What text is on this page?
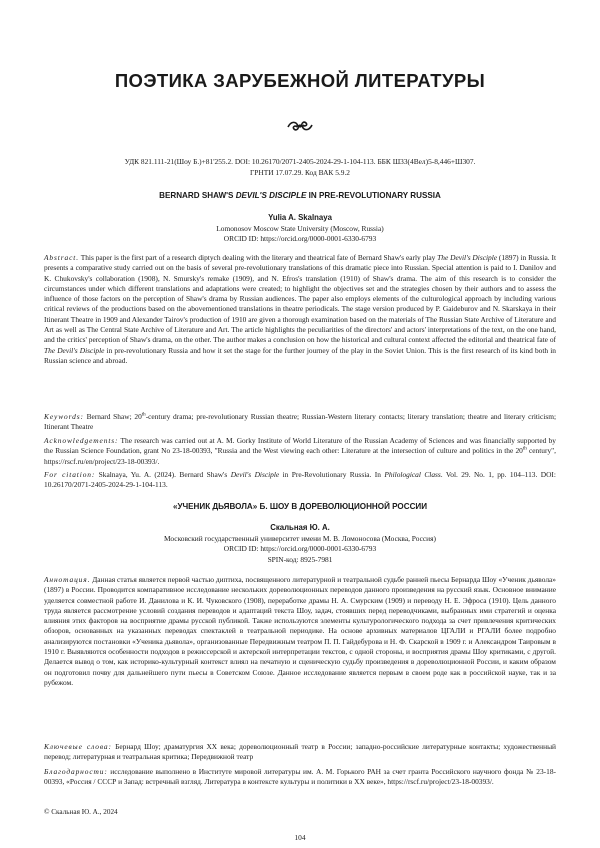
ПОЭТИКА ЗАРУБЕЖНОЙ ЛИТЕРАТУРЫ
УДК 821.111-21(Шоу Б.)+81'255.2. DOI: 10.26170/2071-2405-2024-29-1-104-113. ББК Ш33(4Вел)5-8,446+Ш307.
ГРНТИ 17.07.29. Код ВАК 5.9.2
BERNARD SHAW'S DEVIL'S DISCIPLE IN PRE-REVOLUTIONARY RUSSIA
Yulia A. Skalnaya
Lomonosov Moscow State University (Moscow, Russia)
ORCID ID: https://orcid.org/0000-0001-6330-6793
Abstract. This paper is the first part of a research diptych dealing with the literary and theatrical fate of Bernard Shaw's early play The Devil's Disciple (1897) in Russia. It presents a comparative study carried out on the basis of several pre-revolutionary translations of this dramatic piece into Russian. Special attention is paid to I. Danilov and K. Chukovsky's collaboration (1908), N. Smursky's remake (1909), and N. Efros's translation (1910) of Shaw's drama. The aim of this research is to consider the circumstances under which different translations and adaptations were created; to highlight the objectives set and the strategies chosen by their authors and to assess the influence of those factors on the perception of Shaw's drama by Russian audiences. The paper also employs elements of the culturological approach by including various critical reviews of the productions based on the abovementioned translations in theatre periodicals. The stage version produced by P. Gaideburov and N. Skarskaya in their Itinerant Theatre in 1909 and Alexander Tairov's production of 1910 are given a thorough examination based on the materials of The Russian State Archive of Literature and Art as well as The Central State Archive of Literature and Art. The article highlights the peculiarities of the directors' and actors' interpretations of the text, on the one hand, and the critics' perception of Shaw's drama, on the other. The author makes a conclusion on how the historical and cultural context affected the editorial and theatrical fate of The Devil's Disciple in pre-revolutionary Russia and how it set the stage for the further journey of the play in the Soviet Union. This is the first research of its kind both in Russian science and abroad.
Keywords: Bernard Shaw; 20th-century drama; pre-revolutionary Russian theatre; Russian-Western literary contacts; literary translation; theatre and literary criticism; Itinerant Theatre
Acknowledgements: The research was carried out at A. M. Gorky Institute of World Literature of the Russian Academy of Sciences and was financially supported by the Russian Science Foundation, grant No 23-18-00393, "Russia and the West viewing each other: Literature at the intersection of culture and politics in the 20th century", https://rscf.ru/en/project/23-18-00393/.
For citation: Skalnaya, Yu. A. (2024). Bernard Shaw's Devil's Disciple in Pre-Revolutionary Russia. In Philological Class. Vol. 29. No. 1, pp. 104–113. DOI: 10.26170/2071-2405-2024-29-1-104-113.
«УЧЕНИК ДЬЯВОЛА» Б. ШОУ В ДОРЕВОЛЮЦИОННОЙ РОССИИ
Скальная Ю. А.
Московский государственный университет имени М. В. Ломоносова (Москва, Россия)
ORCID ID: https://orcid.org/0000-0001-6330-6793
SPIN-код: 8925-7981
Аннотация. Данная статья является первой частью диптиха, посвященного литературной и театральной судьбе ранней пьесы Бернарда Шоу «Ученик дьявола» (1897) в России. Проводится компаративное исследование нескольких дореволюционных переводов данного произведения на русский язык. Основное внимание уделяется совместной работе И. Данилова и К. И. Чуковского (1908), переработке драмы Н. А. Смурским (1909) и переводу Н. Е. Эфроса (1910). Цель данного труда является рассмотрение условий создания переводов и адаптаций текста Шоу, задач, стоявших перед переводчиками, выбранных ими стратегий и оценка влияния этих факторов на восприятие драмы русской публикой. Также используются элементы культурологического подхода за счет привлечения критических обзоров, основанных на указанных переводах спектаклей в театральной периодике. На основе архивных материалов ЦГАЛИ и РГАЛИ более подробно анализируются постановки «Ученика дьявола», организованные Передвижным театром П. П. Гайдебурова и Н. Ф. Скарской в 1909 г. и Александром Таировым в 1910 г. Выявляются особенности подходов в режиссерской и актерской интерпретации текстов, с одной стороны, и восприятия драмы Шоу критиками, с другой. Делается вывод о том, как историко-культурный контекст влиял на печатную и сценическую судьбу произведения в дореволюционной России, и каким образом он подготовил почву для дальнейшего пути пьесы в Советском Союзе. Данное исследование является первым в своем роде как в российской науке, так и за рубежом.
Ключевые слова: Бернард Шоу; драматургия XX века; дореволюционный театр в России; западно-российские литературные контакты; художественный перевод; литературная и театральная критика; Передвижной театр
Благодарности: исследование выполнено в Институте мировой литературы им. А. М. Горького РАН за счет гранта Российского научного фонда № 23-18-00393, «Россия / СССР и Запад: встречный взгляд. Литература в контексте культуры и политики в XX веке», https://rscf.ru/project/23-18-00393/.
© Скальная Ю. А., 2024
104
